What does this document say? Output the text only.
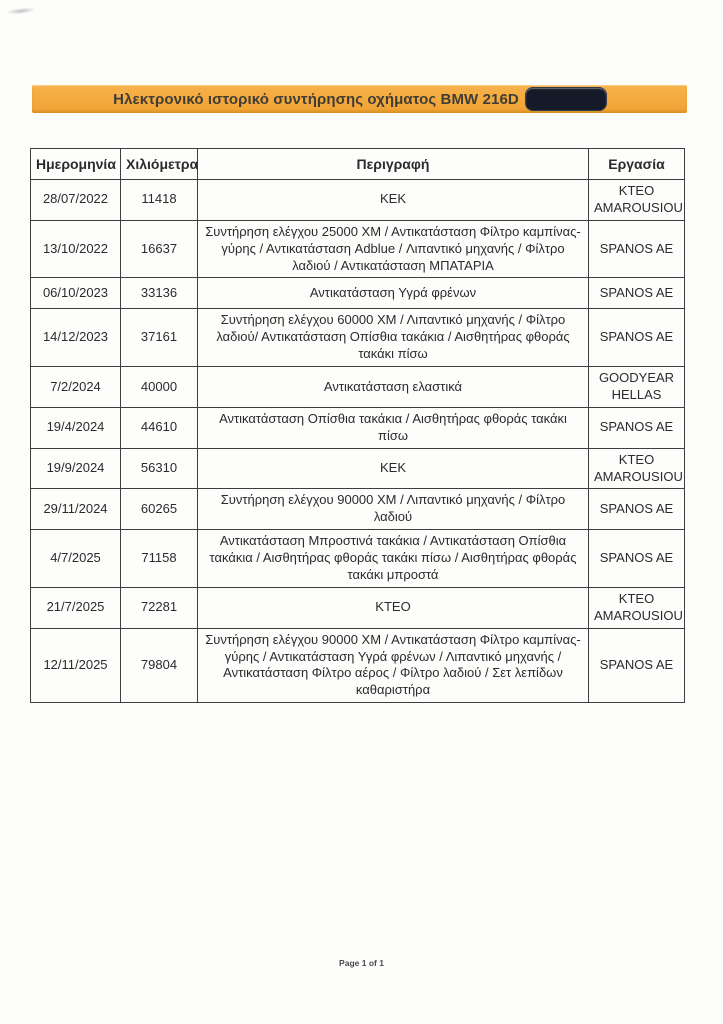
Ηλεκτρονικό ιστορικό συντήρησης οχήματος BMW 216D
Ημερομηνία	Χιλιόμετρα	Περιγραφή	Εργασία
28/07/2022	11418	ΚΕΚ	ΚΤΕΟ AMAROUSIOU
13/10/2022	16637	Συντήρηση ελέγχου 25000 ΧΜ / Αντικατάσταση Φίλτρο καμπίνας-γύρης / Αντικατάσταση Adblue / Λιπαντικό μηχανής / Φίλτρο λαδιού / Αντικατάσταση ΜΠΑΤΑΡΙΑ	SPANOS AE
06/10/2023	33136	Αντικατάσταση Υγρά φρένων	SPANOS AE
14/12/2023	37161	Συντήρηση ελέγχου 60000 ΧΜ / Λιπαντικό μηχανής / Φίλτρο λαδιού/ Αντικατάσταση Οπίσθια τακάκια / Αισθητήρας φθοράς τακάκι πίσω	SPANOS AE
7/2/2024	40000	Αντικατάσταση ελαστικά	GOODYEAR HELLAS
19/4/2024	44610	Αντικατάσταση Οπίσθια τακάκια / Αισθητήρας φθοράς τακάκι πίσω	SPANOS AE
19/9/2024	56310	ΚΕΚ	ΚΤΕΟ AMAROUSIOU
29/11/2024	60265	Συντήρηση ελέγχου 90000 ΧΜ / Λιπαντικό μηχανής / Φίλτρο λαδιού	SPANOS AE
4/7/2025	71158	Αντικατάσταση Μπροστινά τακάκια / Αντικατάσταση Οπίσθια τακάκια / Αισθητήρας φθοράς τακάκι πίσω / Αισθητήρας φθοράς τακάκι μπροστά	SPANOS AE
21/7/2025	72281	ΚΤΕΟ	ΚΤΕΟ AMAROUSIOU
12/11/2025	79804	Συντήρηση ελέγχου 90000 ΧΜ / Αντικατάσταση Φίλτρο καμπίνας-γύρης / Αντικατάσταση Υγρά φρένων / Λιπαντικό μηχανής /Αντικατάσταση Φίλτρο αέρος / Φίλτρο λαδιού / Σετ λεπίδων καθαριστήρα	SPANOS AE
Page 1 of 1
